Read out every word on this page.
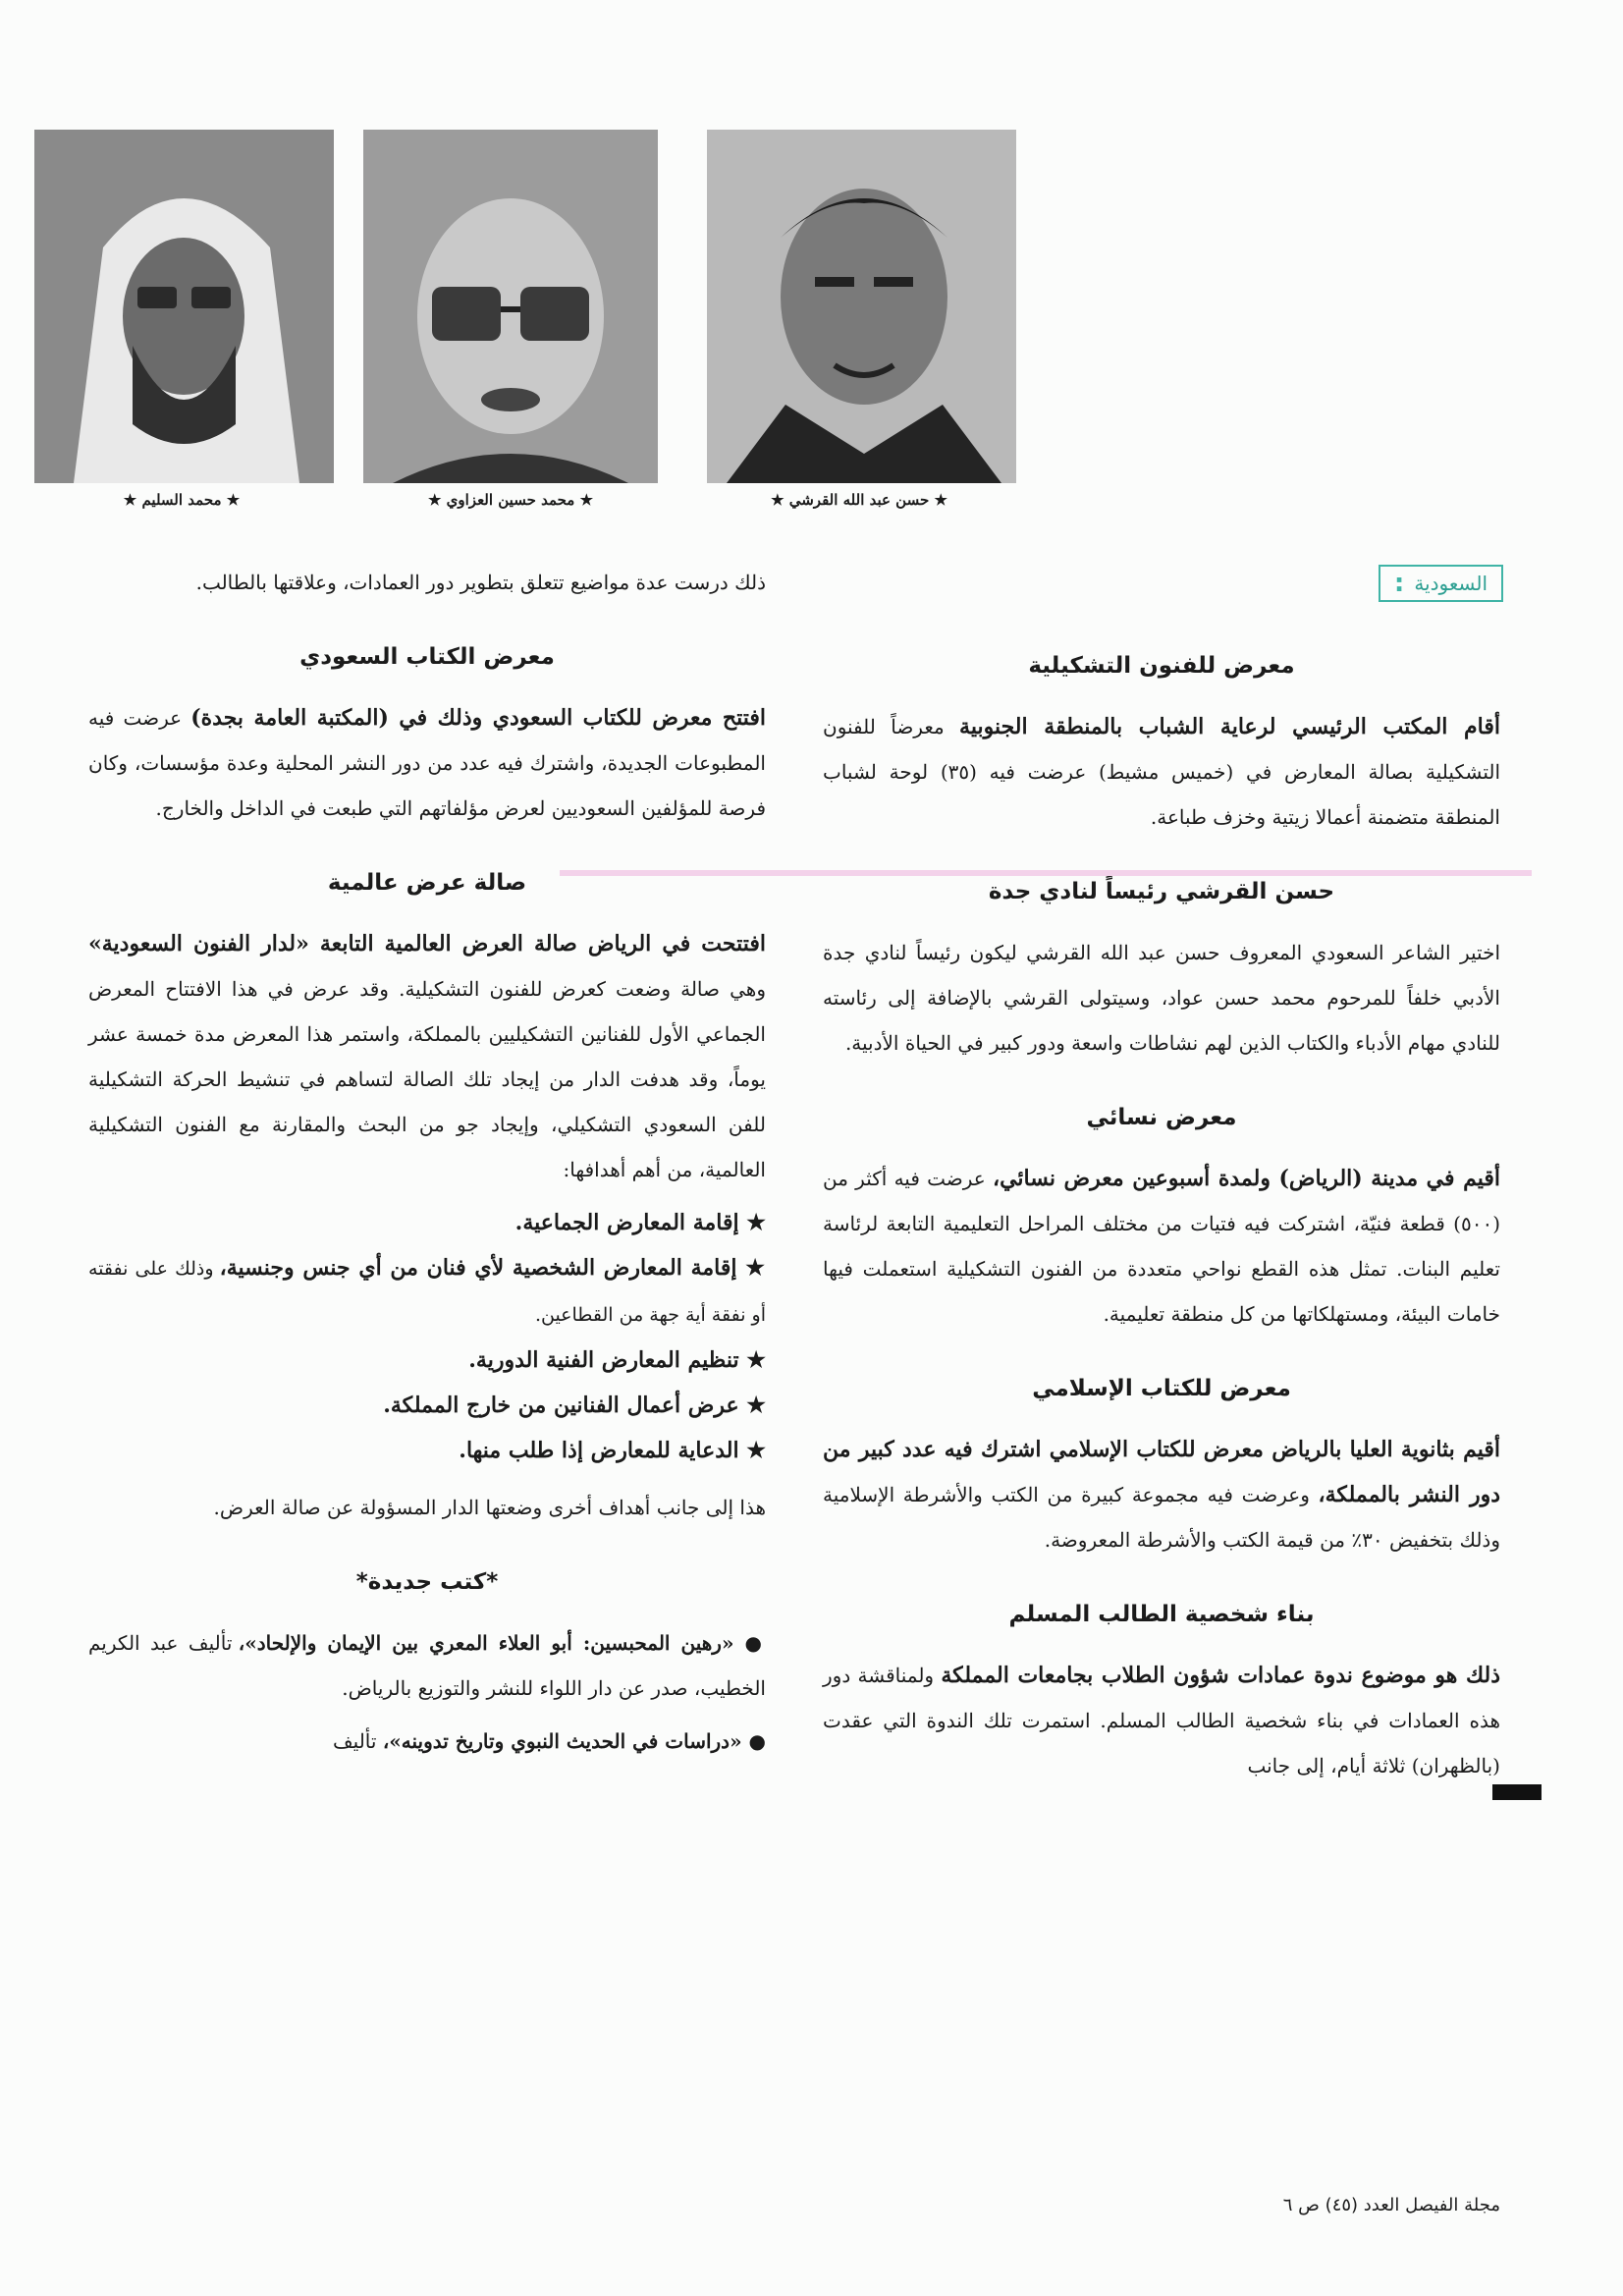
★ محمد السليم ★	★ محمد حسين العزاوي ★	★ حسن عبد الله القرشي ★
السعودية
:
معرض للفنون التشكيلية

أقام المكتب الرئيسي لرعاية الشباب بالمنطقة الجنوبية معرضاً للفنون التشكيلية بصالة المعارض في (خميس مشيط) عرضت فيه (٣٥) لوحة لشباب المنطقة متضمنة أعمالا زيتية وخزف طباعة.

حسن القرشي رئيساً لنادي جدة

اختير الشاعر السعودي المعروف حسن عبد الله القرشي ليكون رئيساً لنادي جدة الأدبي خلفاً للمرحوم محمد حسن عواد، وسيتولى القرشي بالإضافة إلى رئاسته للنادي مهام الأدباء والكتاب الذين لهم نشاطات واسعة ودور كبير في الحياة الأدبية.

معرض نسائي

أقيم في مدينة (الرياض) ولمدة أسبوعين معرض نسائي، عرضت فيه أكثر من (٥٠٠) قطعة فنيّة، اشتركت فيه فتيات من مختلف المراحل التعليمية التابعة لرئاسة تعليم البنات. تمثل هذه القطع نواحي متعددة من الفنون التشكيلية استعملت فيها خامات البيئة، ومستهلكاتها من كل منطقة تعليمية.

معرض للكتاب الإسلامي

أقيم بثانوية العليا بالرياض معرض للكتاب الإسلامي اشترك فيه عدد كبير من دور النشر بالمملكة، وعرضت فيه مجموعة كبيرة من الكتب والأشرطة الإسلامية وذلك بتخفيض ٣٠٪ من قيمة الكتب والأشرطة المعروضة.

بناء شخصية الطالب المسلم

ذلك هو موضوع ندوة عمادات شؤون الطلاب بجامعات المملكة ولمناقشة دور هذه العمادات في بناء شخصية الطالب المسلم. استمرت تلك الندوة التي عقدت (بالظهران) ثلاثة أيام، إلى جانب

ذلك درست عدة مواضيع تتعلق بتطوير دور العمادات، وعلاقتها بالطالب.

معرض الكتاب السعودي

افتتح معرض للكتاب السعودي وذلك في (المكتبة العامة بجدة) عرضت فيه المطبوعات الجديدة، واشترك فيه عدد من دور النشر المحلية وعدة مؤسسات، وكان فرصة للمؤلفين السعوديين لعرض مؤلفاتهم التي طبعت في الداخل والخارج.

صالة عرض عالمية

افتتحت في الرياض صالة العرض العالمية التابعة «لدار الفنون السعودية» وهي صالة وضعت كعرض للفنون التشكيلية. وقد عرض في هذا الافتتاح المعرض الجماعي الأول للفنانين التشكيليين بالمملكة، واستمر هذا المعرض مدة خمسة عشر يوماً، وقد هدفت الدار من إيجاد تلك الصالة لتساهم في تنشيط الحركة التشكيلية للفن السعودي التشكيلي، وإيجاد جو من البحث والمقارنة مع الفنون التشكيلية العالمية، من أهم أهدافها:

★ إقامة المعارض الجماعية.
★ إقامة المعارض الشخصية لأي فنان من أي جنس وجنسية، وذلك على نفقته أو نفقة أية جهة من القطاعين.
★ تنظيم المعارض الفنية الدورية.
★ عرض أعمال الفنانين من خارج المملكة.
★ الدعاية للمعارض إذا طلب منها.

هذا إلى جانب أهداف أخرى وضعتها الدار المسؤولة عن صالة العرض.

*كتب جديدة*
● «رهين المحبسين: أبو العلاء المعري بين الإيمان والإلحاد»، تأليف عبد الكريم الخطيب، صدر عن دار اللواء للنشر والتوزيع بالرياض.
● «دراسات في الحديث النبوي وتاريخ تدوينه»، تأليف
مجلة الفيصل العدد (٤٥) ص ٦
